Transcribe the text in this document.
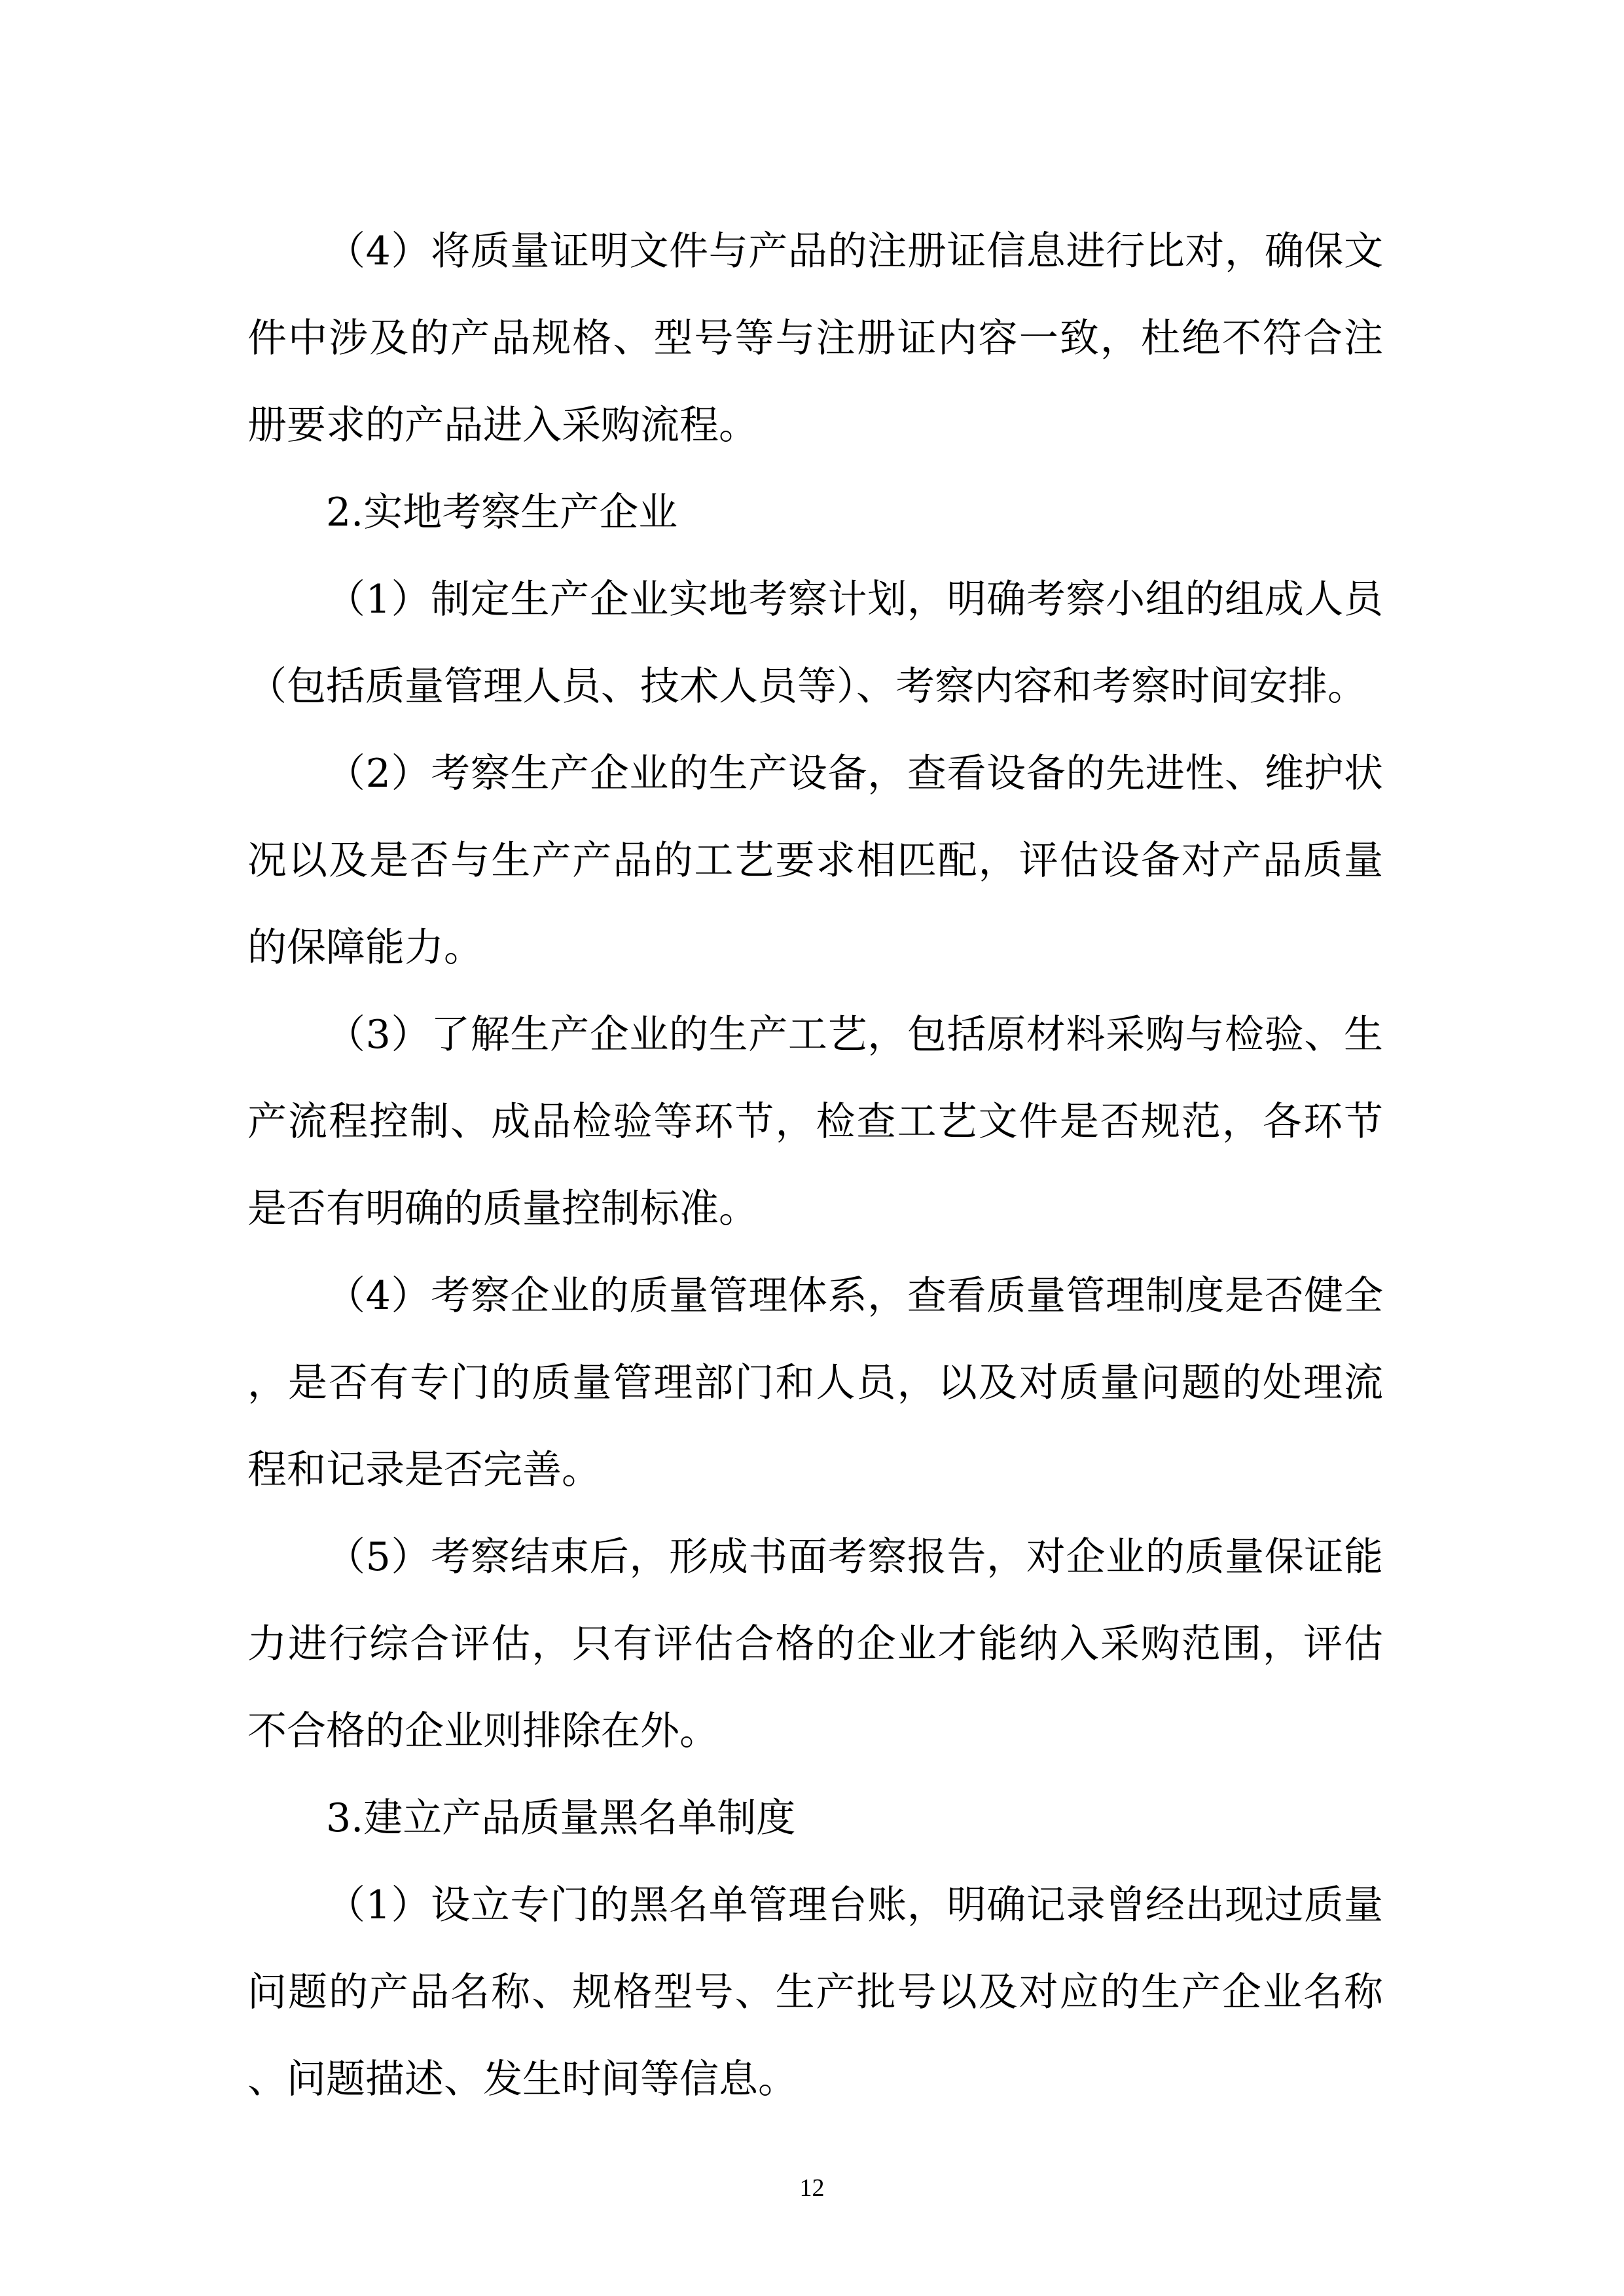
（4）将质量证明文件与产品的注册证信息进行比对，确保文件中涉及的产品规格、型号等与注册证内容一致，杜绝不符合注册要求的产品进入采购流程。

2.实地考察生产企业

（1）制定生产企业实地考察计划，明确考察小组的组成人员（包括质量管理人员、技术人员等）、考察内容和考察时间安排。

（2）考察生产企业的生产设备，查看设备的先进性、维护状况以及是否与生产产品的工艺要求相匹配，评估设备对产品质量的保障能力。

（3）了解生产企业的生产工艺，包括原材料采购与检验、生产流程控制、成品检验等环节，检查工艺文件是否规范，各环节是否有明确的质量控制标准。

（4）考察企业的质量管理体系，查看质量管理制度是否健全，是否有专门的质量管理部门和人员，以及对质量问题的处理流程和记录是否完善。

（5）考察结束后，形成书面考察报告，对企业的质量保证能力进行综合评估，只有评估合格的企业才能纳入采购范围，评估不合格的企业则排除在外。

3.建立产品质量黑名单制度

（1）设立专门的黑名单管理台账，明确记录曾经出现过质量问题的产品名称、规格型号、生产批号以及对应的生产企业名称、问题描述、发生时间等信息。

12
